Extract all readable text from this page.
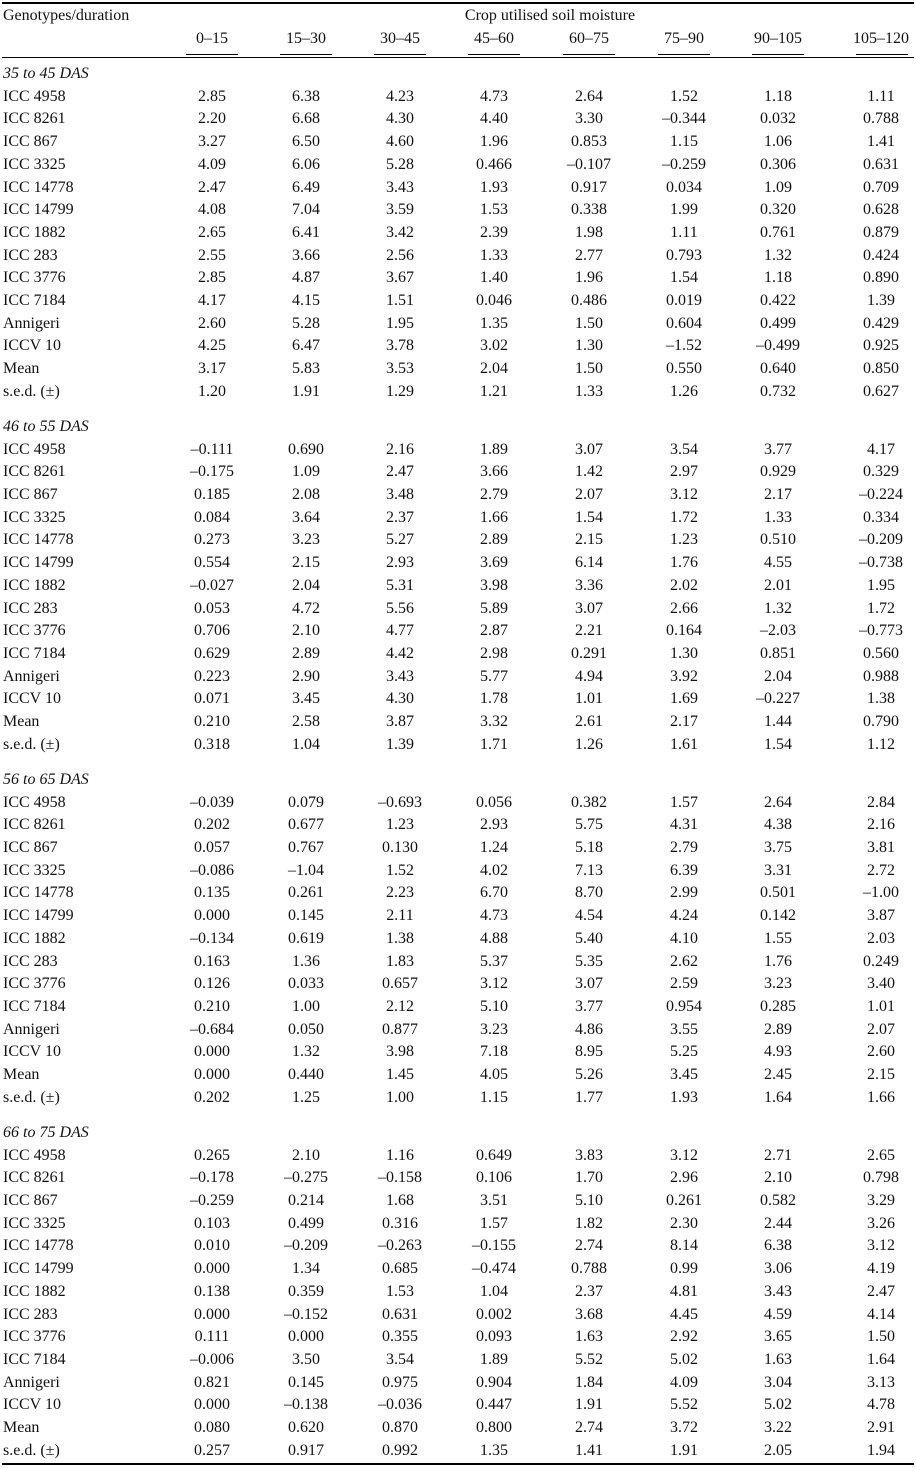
Genotypes/duration	Crop utilised soil moisture
0–15	15–30	30–45	45–60	60–75	75–90	90–105	105–120
35 to 45 DAS
ICC 4958	2.85	6.38	4.23	4.73	2.64	1.52	1.18	1.11
ICC 8261	2.20	6.68	4.30	4.40	3.30	–0.344	0.032	0.788
ICC 867	3.27	6.50	4.60	1.96	0.853	1.15	1.06	1.41
ICC 3325	4.09	6.06	5.28	0.466	–0.107	–0.259	0.306	0.631
ICC 14778	2.47	6.49	3.43	1.93	0.917	0.034	1.09	0.709
ICC 14799	4.08	7.04	3.59	1.53	0.338	1.99	0.320	0.628
ICC 1882	2.65	6.41	3.42	2.39	1.98	1.11	0.761	0.879
ICC 283	2.55	3.66	2.56	1.33	2.77	0.793	1.32	0.424
ICC 3776	2.85	4.87	3.67	1.40	1.96	1.54	1.18	0.890
ICC 7184	4.17	4.15	1.51	0.046	0.486	0.019	0.422	1.39
Annigeri	2.60	5.28	1.95	1.35	1.50	0.604	0.499	0.429
ICCV 10	4.25	6.47	3.78	3.02	1.30	–1.52	–0.499	0.925
Mean	3.17	5.83	3.53	2.04	1.50	0.550	0.640	0.850
s.e.d. (±)	1.20	1.91	1.29	1.21	1.33	1.26	0.732	0.627
46 to 55 DAS
ICC 4958	–0.111	0.690	2.16	1.89	3.07	3.54	3.77	4.17
ICC 8261	–0.175	1.09	2.47	3.66	1.42	2.97	0.929	0.329
ICC 867	0.185	2.08	3.48	2.79	2.07	3.12	2.17	–0.224
ICC 3325	0.084	3.64	2.37	1.66	1.54	1.72	1.33	0.334
ICC 14778	0.273	3.23	5.27	2.89	2.15	1.23	0.510	–0.209
ICC 14799	0.554	2.15	2.93	3.69	6.14	1.76	4.55	–0.738
ICC 1882	–0.027	2.04	5.31	3.98	3.36	2.02	2.01	1.95
ICC 283	0.053	4.72	5.56	5.89	3.07	2.66	1.32	1.72
ICC 3776	0.706	2.10	4.77	2.87	2.21	0.164	–2.03	–0.773
ICC 7184	0.629	2.89	4.42	2.98	0.291	1.30	0.851	0.560
Annigeri	0.223	2.90	3.43	5.77	4.94	3.92	2.04	0.988
ICCV 10	0.071	3.45	4.30	1.78	1.01	1.69	–0.227	1.38
Mean	0.210	2.58	3.87	3.32	2.61	2.17	1.44	0.790
s.e.d. (±)	0.318	1.04	1.39	1.71	1.26	1.61	1.54	1.12
56 to 65 DAS
ICC 4958	–0.039	0.079	–0.693	0.056	0.382	1.57	2.64	2.84
ICC 8261	0.202	0.677	1.23	2.93	5.75	4.31	4.38	2.16
ICC 867	0.057	0.767	0.130	1.24	5.18	2.79	3.75	3.81
ICC 3325	–0.086	–1.04	1.52	4.02	7.13	6.39	3.31	2.72
ICC 14778	0.135	0.261	2.23	6.70	8.70	2.99	0.501	–1.00
ICC 14799	0.000	0.145	2.11	4.73	4.54	4.24	0.142	3.87
ICC 1882	–0.134	0.619	1.38	4.88	5.40	4.10	1.55	2.03
ICC 283	0.163	1.36	1.83	5.37	5.35	2.62	1.76	0.249
ICC 3776	0.126	0.033	0.657	3.12	3.07	2.59	3.23	3.40
ICC 7184	0.210	1.00	2.12	5.10	3.77	0.954	0.285	1.01
Annigeri	–0.684	0.050	0.877	3.23	4.86	3.55	2.89	2.07
ICCV 10	0.000	1.32	3.98	7.18	8.95	5.25	4.93	2.60
Mean	0.000	0.440	1.45	4.05	5.26	3.45	2.45	2.15
s.e.d. (±)	0.202	1.25	1.00	1.15	1.77	1.93	1.64	1.66
66 to 75 DAS
ICC 4958	0.265	2.10	1.16	0.649	3.83	3.12	2.71	2.65
ICC 8261	–0.178	–0.275	–0.158	0.106	1.70	2.96	2.10	0.798
ICC 867	–0.259	0.214	1.68	3.51	5.10	0.261	0.582	3.29
ICC 3325	0.103	0.499	0.316	1.57	1.82	2.30	2.44	3.26
ICC 14778	0.010	–0.209	–0.263	–0.155	2.74	8.14	6.38	3.12
ICC 14799	0.000	1.34	0.685	–0.474	0.788	0.99	3.06	4.19
ICC 1882	0.138	0.359	1.53	1.04	2.37	4.81	3.43	2.47
ICC 283	0.000	–0.152	0.631	0.002	3.68	4.45	4.59	4.14
ICC 3776	0.111	0.000	0.355	0.093	1.63	2.92	3.65	1.50
ICC 7184	–0.006	3.50	3.54	1.89	5.52	5.02	1.63	1.64
Annigeri	0.821	0.145	0.975	0.904	1.84	4.09	3.04	3.13
ICCV 10	0.000	–0.138	–0.036	0.447	1.91	5.52	5.02	4.78
Mean	0.080	0.620	0.870	0.800	2.74	3.72	3.22	2.91
s.e.d. (±)	0.257	0.917	0.992	1.35	1.41	1.91	2.05	1.94
